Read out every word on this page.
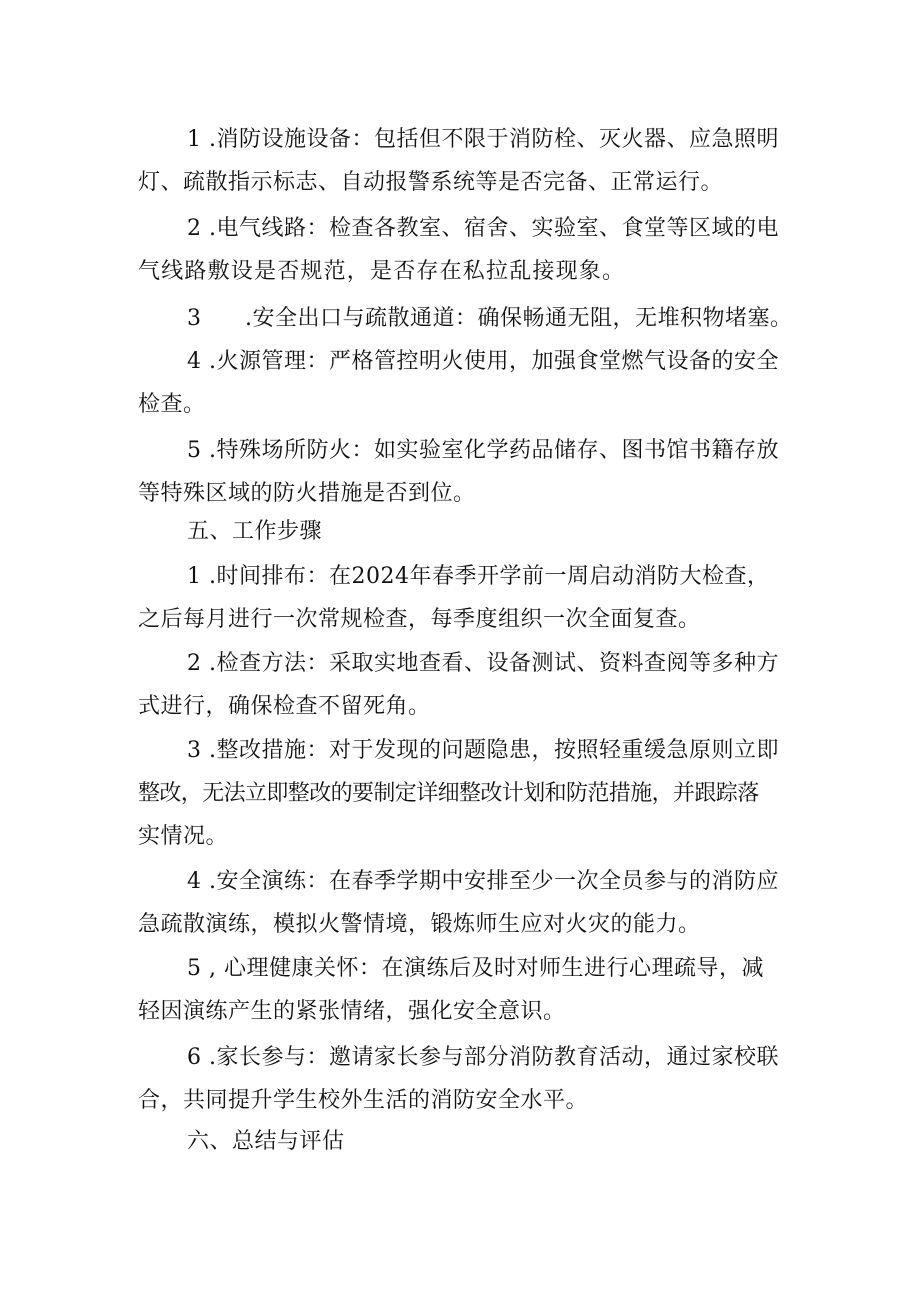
1 .消防设施设备：包括但不限于消防栓、灭火器、应急照明
灯、疏散指示标志、自动报警系统等是否完备、正常运行。
2 .电气线路：检查各教室、宿舍、实验室、食堂等区域的电
气线路敷设是否规范，是否存在私拉乱接现象。
3 .安全出口与疏散通道：确保畅通无阻，无堆积物堵塞。
4 .火源管理：严格管控明火使用，加强食堂燃气设备的安全
检查。
5 .特殊场所防火：如实验室化学药品储存、图书馆书籍存放
等特殊区域的防火措施是否到位。
五、工作步骤
1 .时间排布：在2024年春季开学前一周启动消防大检查，
之后每月进行一次常规检查，每季度组织一次全面复查。
2 .检查方法：采取实地查看、设备测试、资料查阅等多种方
式进行，确保检查不留死角。
3 .整改措施：对于发现的问题隐患，按照轻重缓急原则立即
整改，无法立即整改的要制定详细整改计划和防范措施，并跟踪落
实情况。
4 .安全演练：在春季学期中安排至少一次全员参与的消防应
急疏散演练，模拟火警情境，锻炼师生应对火灾的能力。
5 , 心理健康关怀：在演练后及时对师生进行心理疏导，减
轻因演练产生的紧张情绪，强化安全意识。
6 .家长参与：邀请家长参与部分消防教育活动，通过家校联
合，共同提升学生校外生活的消防安全水平。
六、总结与评估
